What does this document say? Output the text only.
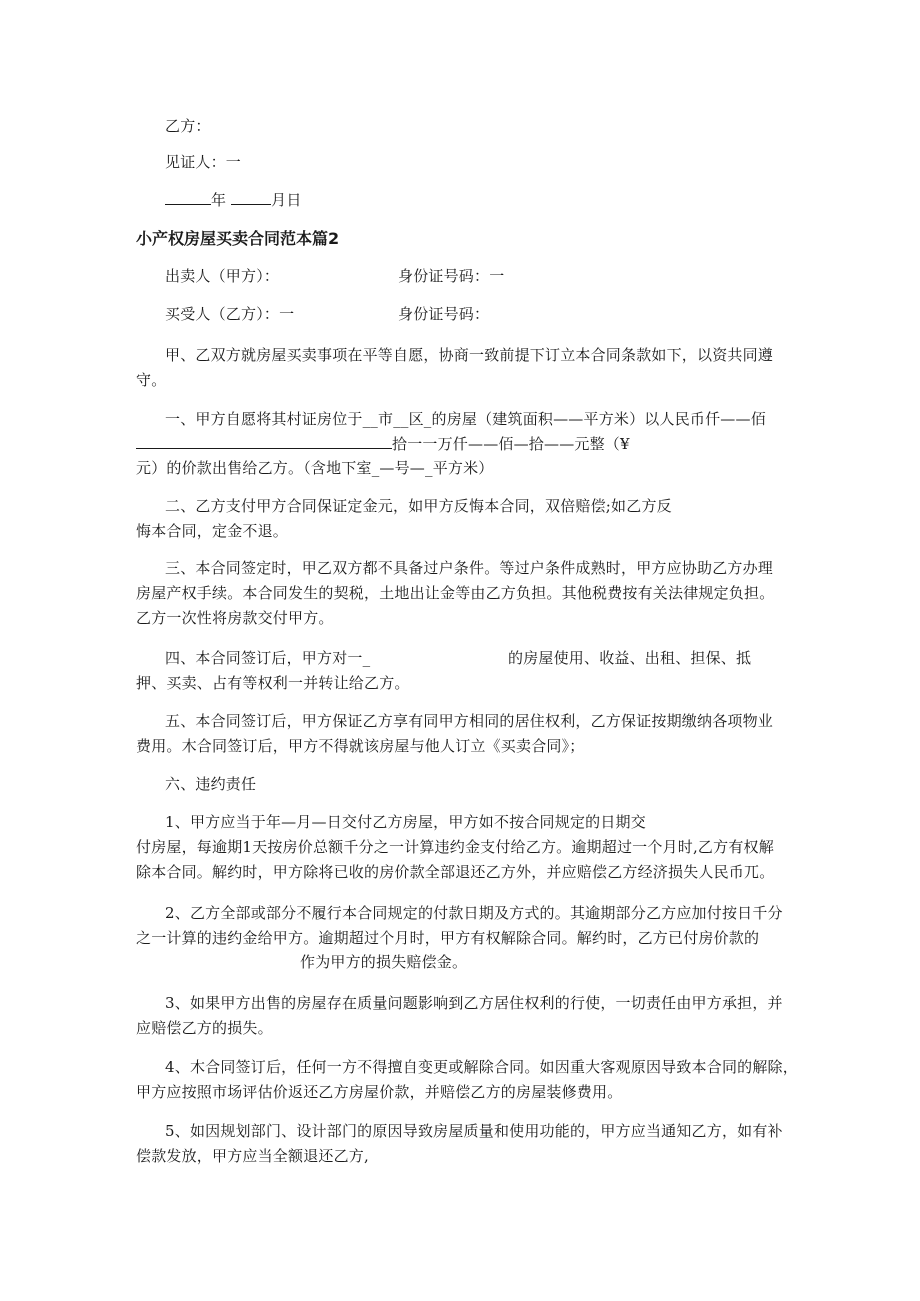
乙方：
见证人：一
年	月日
小产权房屋买卖合同范本篇2
出卖人（甲方）：	身份证号码：一
买受人（乙方）：一	身份证号码：
甲、乙双方就房屋买卖事项在平等自愿，协商一致前提下订立本合同条款如下，以资共同遵
守。
一、甲方自愿将其村证房位于__市__区_的房屋（建筑面积——平方米）以人民币仟——佰
拾一一万仟——佰—拾——元整（¥
元）的价款出售给乙方。（含地下室_—号—_平方米）
二、乙方支付甲方合同保证定金元，如甲方反悔本合同，双倍赔偿;如乙方反
悔本合同，定金不退。
三、本合同签定时，甲乙双方都不具备过户条件。等过户条件成熟时，甲方应协助乙方办理
房屋产权手续。本合同发生的契税，土地出让金等由乙方负担。其他税费按有关法律规定负担。
乙方一次性将房款交付甲方。
四、本合同签订后，甲方对一_	的房屋使用、收益、出租、担保、抵
押、买卖、占有等权利一并转让给乙方。
五、本合同签订后，甲方保证乙方享有同甲方相同的居住权利，乙方保证按期缴纳各项物业
费用。木合同签订后，甲方不得就该房屋与他人订立《买卖合同》；
六、违约责任
1、甲方应当于年—月—日交付乙方房屋，甲方如不按合同规定的日期交
付房屋，每逾期1天按房价总额千分之一计算违约金支付给乙方。逾期超过一个月时,乙方有权解
除本合同。解约时，甲方除将已收的房价款全部退还乙方外，并应赔偿乙方经济损失人民币兀。
2、乙方全部或部分不履行本合同规定的付款日期及方式的。其逾期部分乙方应加付按日千分
之一计算的违约金给甲方。逾期超过个月时，甲方有权解除合同。解约时，乙方已付房价款的
作为甲方的损失赔偿金。
3、如果甲方出售的房屋存在质量问题影响到乙方居住权利的行使，一切责任由甲方承担，并
应赔偿乙方的损失。
4、木合同签订后，任何一方不得擅自变更或解除合同。如因重大客观原因导致本合同的解除，
甲方应按照市场评估价返还乙方房屋价款，并赔偿乙方的房屋装修费用。
5、如因规划部门、设计部门的原因导致房屋质量和使用功能的，甲方应当通知乙方，如有补
偿款发放，甲方应当全额退还乙方,
